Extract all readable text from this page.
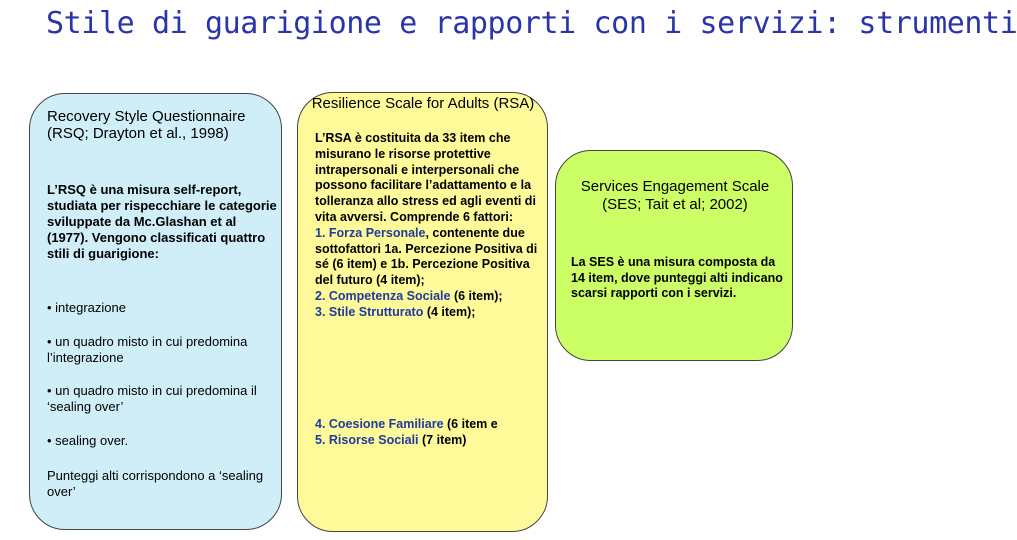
Stile di guarigione e rapporti con i servizi: strumenti
Recovery Style Questionnaire (RSQ; Drayton et al., 1998)
L’RSQ è una misura self-report, studiata per rispecchiare le categorie sviluppate da Mc.Glashan et al (1977). Vengono classificati quattro stili di guarigione:
• integrazione
• un quadro misto in cui predomina l’integrazione
• un quadro misto in cui predomina il ‘sealing over’
• sealing over.
Punteggi alti corrispondono a ‘sealing over’
Resilience Scale for Adults (RSA)
L’RSA è costituita da 33 item che misurano le risorse protettive intrapersonali e interpersonali che possono facilitare l’adattamento e la tolleranza allo stress ed agli eventi di vita avversi. Comprende 6 fattori:
1. Forza Personale, contenente due sottofattori 1a. Percezione Positiva di sé (6 item) e 1b. Percezione Positiva del futuro (4 item);
2. Competenza Sociale (6 item);
3. Stile Strutturato (4 item);
4. Coesione Familiare (6 item e
5. Risorse Sociali (7 item)
Services Engagement Scale (SES; Tait et al; 2002)
La SES è una misura composta da 14 item, dove punteggi alti indicano scarsi rapporti con i servizi.
